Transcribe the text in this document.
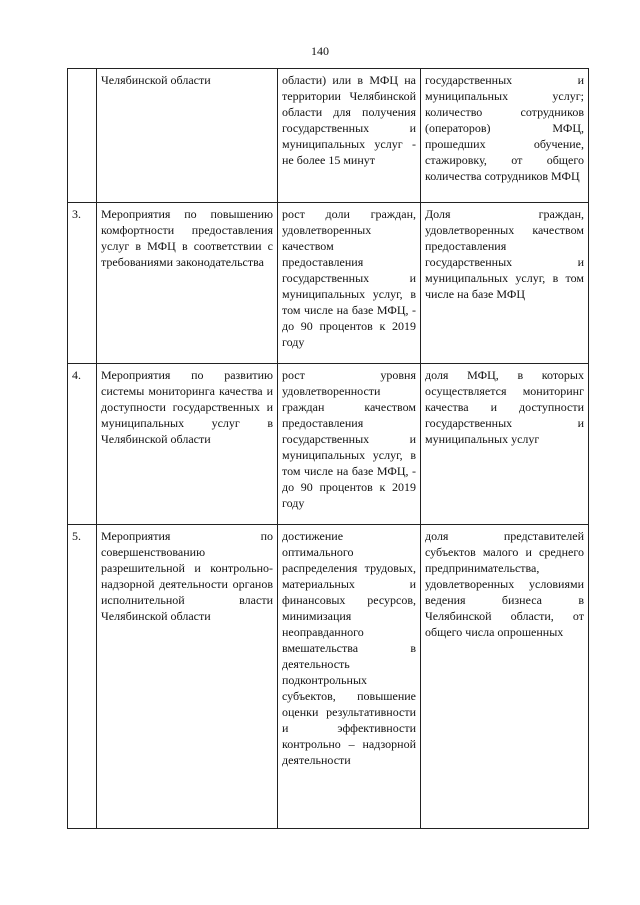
140
	Челябинской области	области) или в МФЦ на территории Челябинской области для получения государственных и муниципальных услуг - не более 15 минут	государственных и муниципальных услуг; количество сотрудников (операторов) МФЦ, прошедших обучение, стажировку, от общего количества сотрудников МФЦ
3.	Мероприятия по повышению комфортности предоставления услуг в МФЦ в соответствии с требованиями законодательства	рост доли граждан, удовлетворенных качеством предоставления государственных и муниципальных услуг, в том числе на базе МФЦ, - до 90 процентов к 2019 году	Доля граждан, удовлетворенных качеством предоставления государственных и муниципальных услуг, в том числе на базе МФЦ
4.	Мероприятия по развитию системы мониторинга качества и доступности государственных и муниципальных услуг в Челябинской области	рост уровня удовлетворенности граждан качеством предоставления государственных и муниципальных услуг, в том числе на базе МФЦ, - до 90 процентов к 2019 году	доля МФЦ, в которых осуществляется мониторинг качества и доступности государственных и муниципальных услуг
5.	Мероприятия по совершенствованию разрешительной и контрольно-надзорной деятельности органов исполнительной власти Челябинской области	достижение оптимального распределения трудовых, материальных и финансовых ресурсов, минимизация неоправданного вмешательства в деятельность подконтрольных субъектов, повышение оценки результативности и эффективности контрольно – надзорной деятельности	доля представителей субъектов малого и среднего предпринимательства, удовлетворенных условиями ведения бизнеса в Челябинской области, от общего числа опрошенных
